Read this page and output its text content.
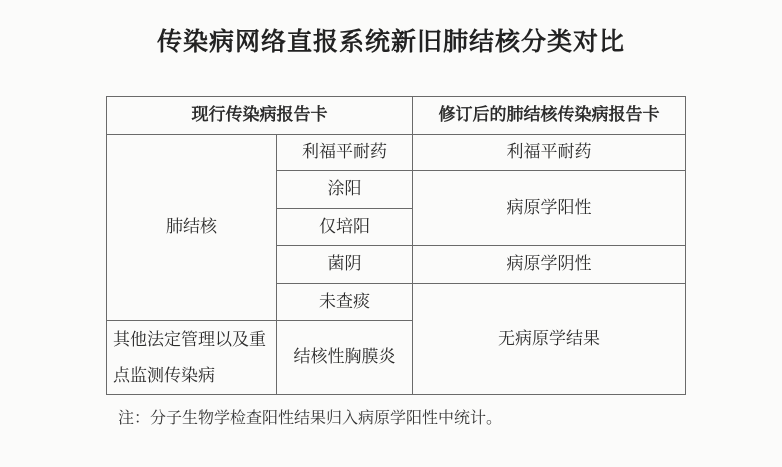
传染病网络直报系统新旧肺结核分类对比
现行传染病报告卡		修订后的肺结核传染病报告卡
肺结核	利福平耐药	利福平耐药
	涂阳	病原学阳性
	仅培阳	
	菌阴	病原学阴性
	未查痰	无病原学结果
其他法定管理以及重点监测传染病	结核性胸膜炎	
注：分子生物学检查阳性结果归入病原学阳性中统计。
